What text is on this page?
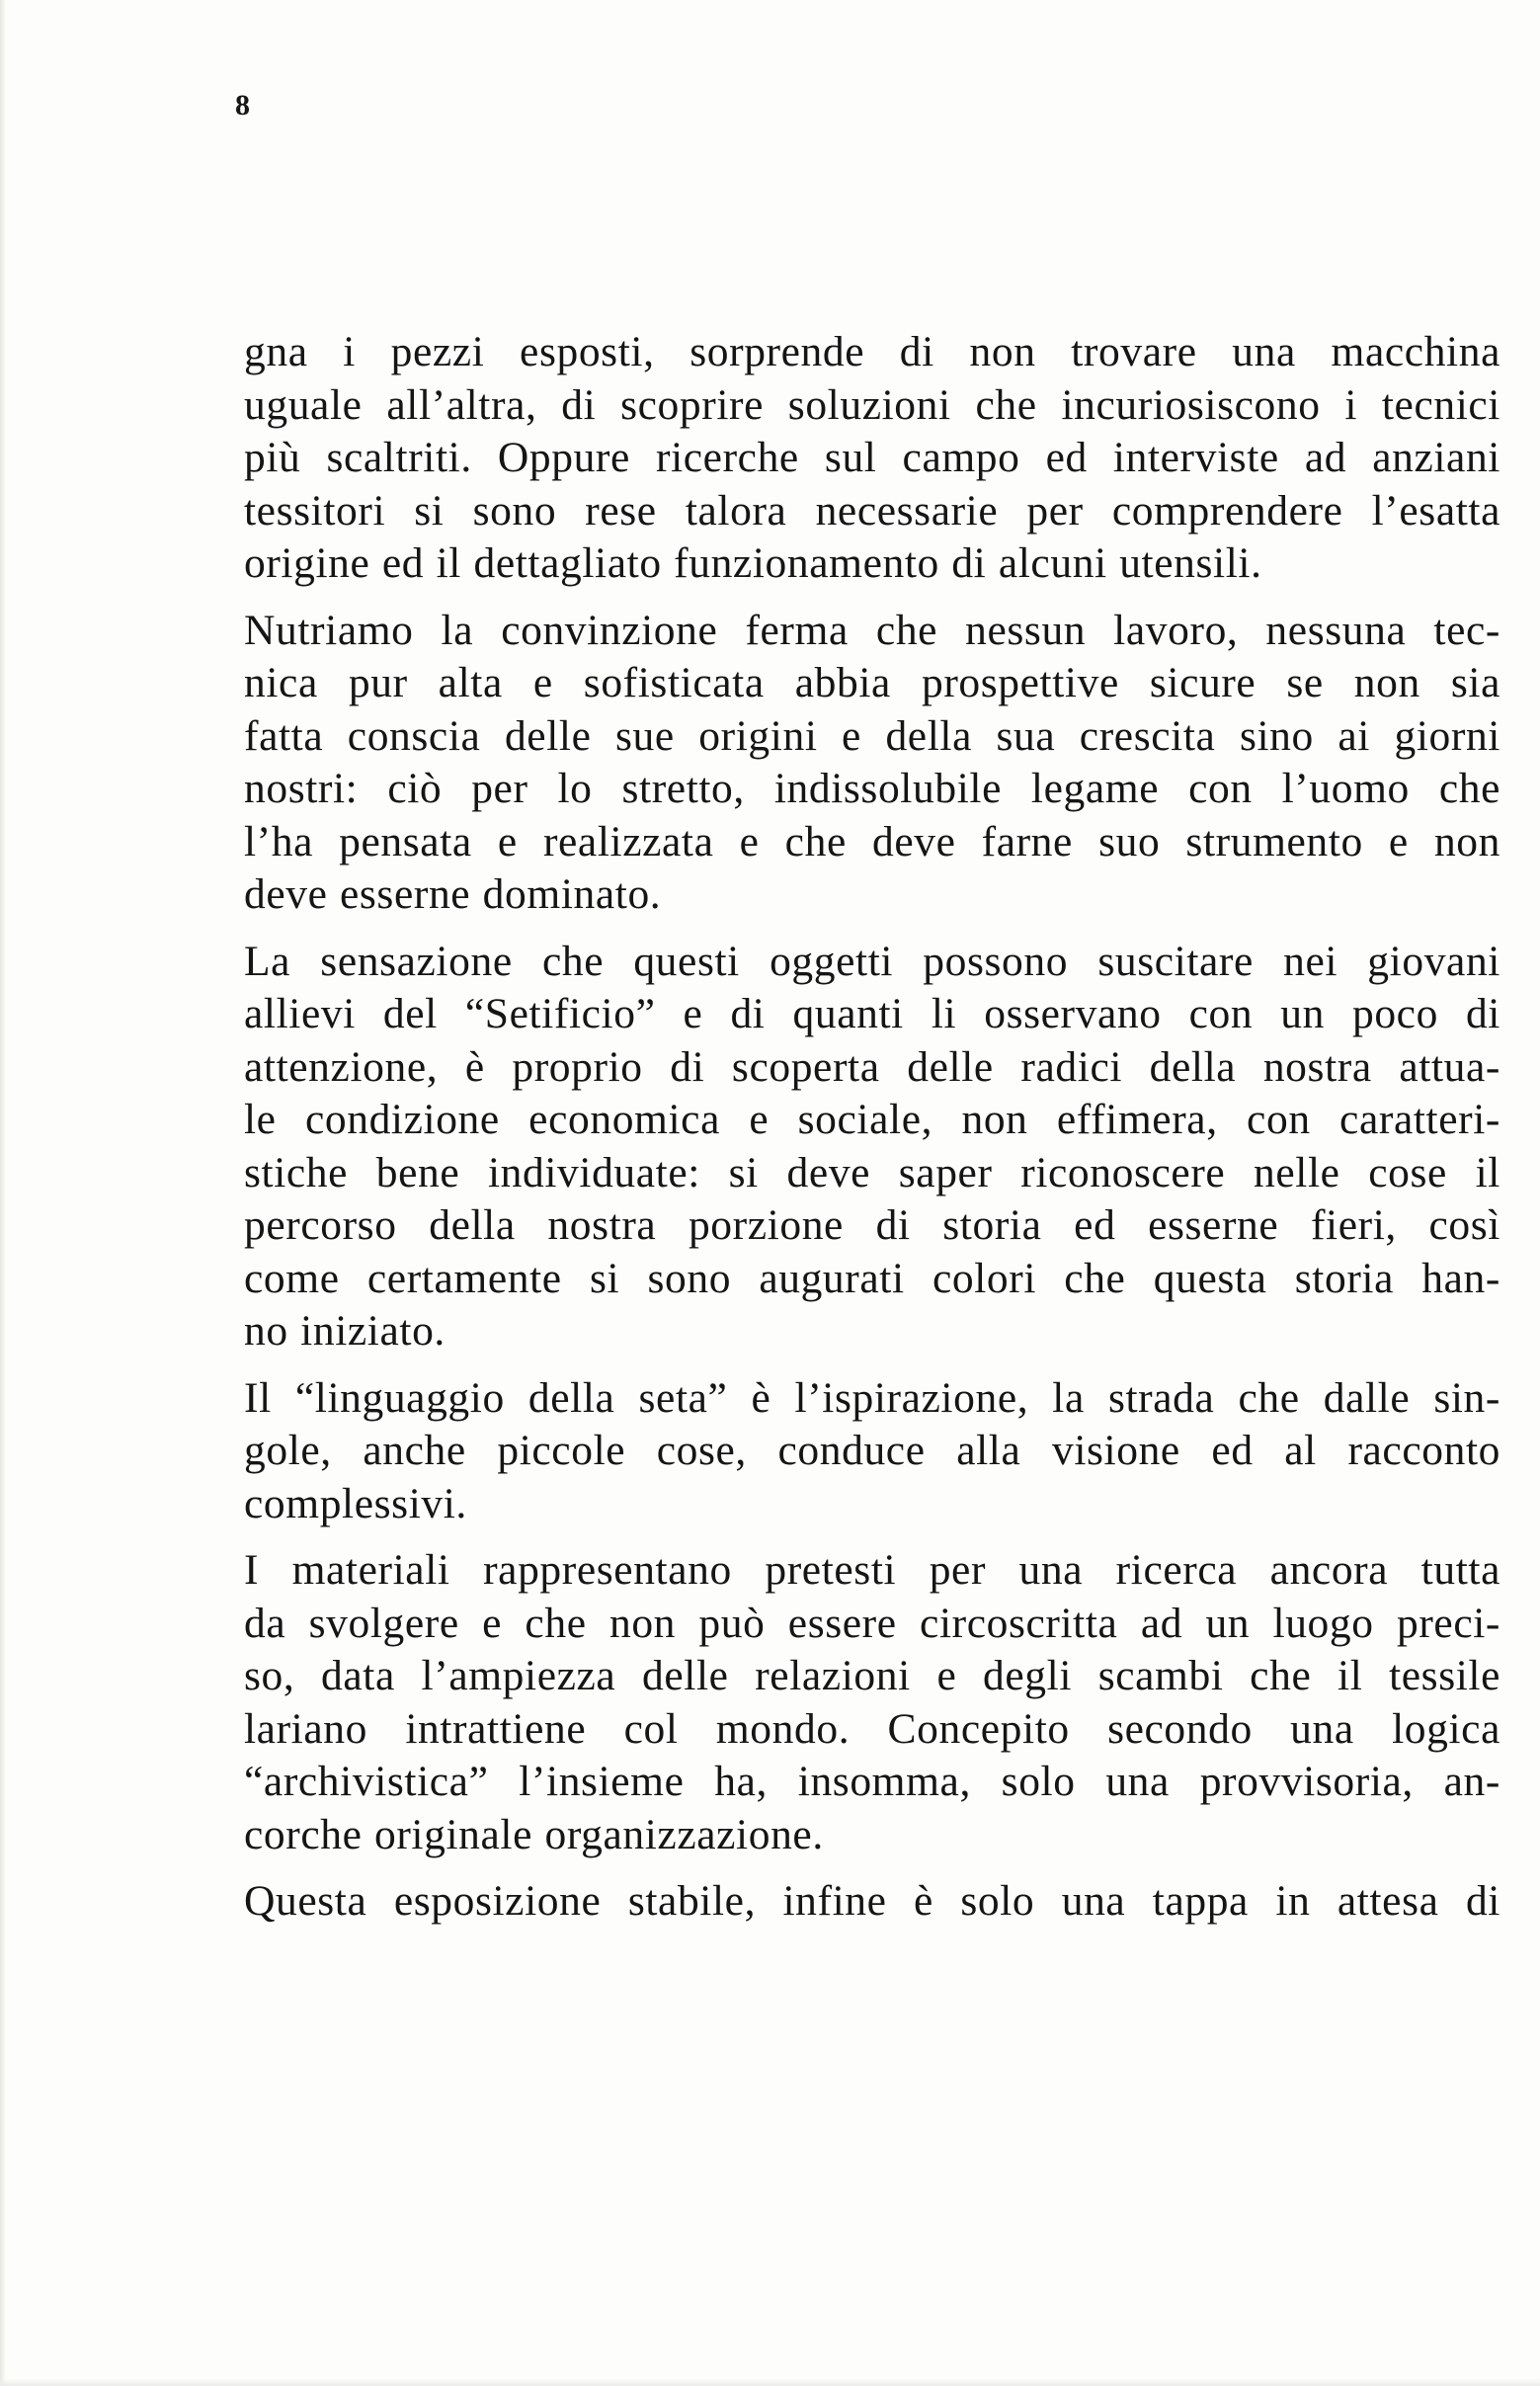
8
gna i pezzi esposti, sorprende di non trovare una macchina
uguale all’altra, di scoprire soluzioni che incuriosiscono i tecnici
più scaltriti. Oppure ricerche sul campo ed interviste ad anziani
tessitori si sono rese talora necessarie per comprendere l’esatta
origine ed il dettagliato funzionamento di alcuni utensili.
Nutriamo la convinzione ferma che nessun lavoro, nessuna tec-
nica pur alta e sofisticata abbia prospettive sicure se non sia
fatta conscia delle sue origini e della sua crescita sino ai giorni
nostri: ciò per lo stretto, indissolubile legame con l’uomo che
l’ha pensata e realizzata e che deve farne suo strumento e non
deve esserne dominato.
La sensazione che questi oggetti possono suscitare nei giovani
allievi del “Setificio” e di quanti li osservano con un poco di
attenzione, è proprio di scoperta delle radici della nostra attua-
le condizione economica e sociale, non effimera, con caratteri-
stiche bene individuate: si deve saper riconoscere nelle cose il
percorso della nostra porzione di storia ed esserne fieri, così
come certamente si sono augurati colori che questa storia han-
no iniziato.
Il “linguaggio della seta” è l’ispirazione, la strada che dalle sin-
gole, anche piccole cose, conduce alla visione ed al racconto
complessivi.
I materiali rappresentano pretesti per una ricerca ancora tutta
da svolgere e che non può essere circoscritta ad un luogo preci-
so, data l’ampiezza delle relazioni e degli scambi che il tessile
lariano intrattiene col mondo. Concepito secondo una logica
“archivistica” l’insieme ha, insomma, solo una provvisoria, an-
corche originale organizzazione.
Questa esposizione stabile, infine è solo una tappa in attesa di
